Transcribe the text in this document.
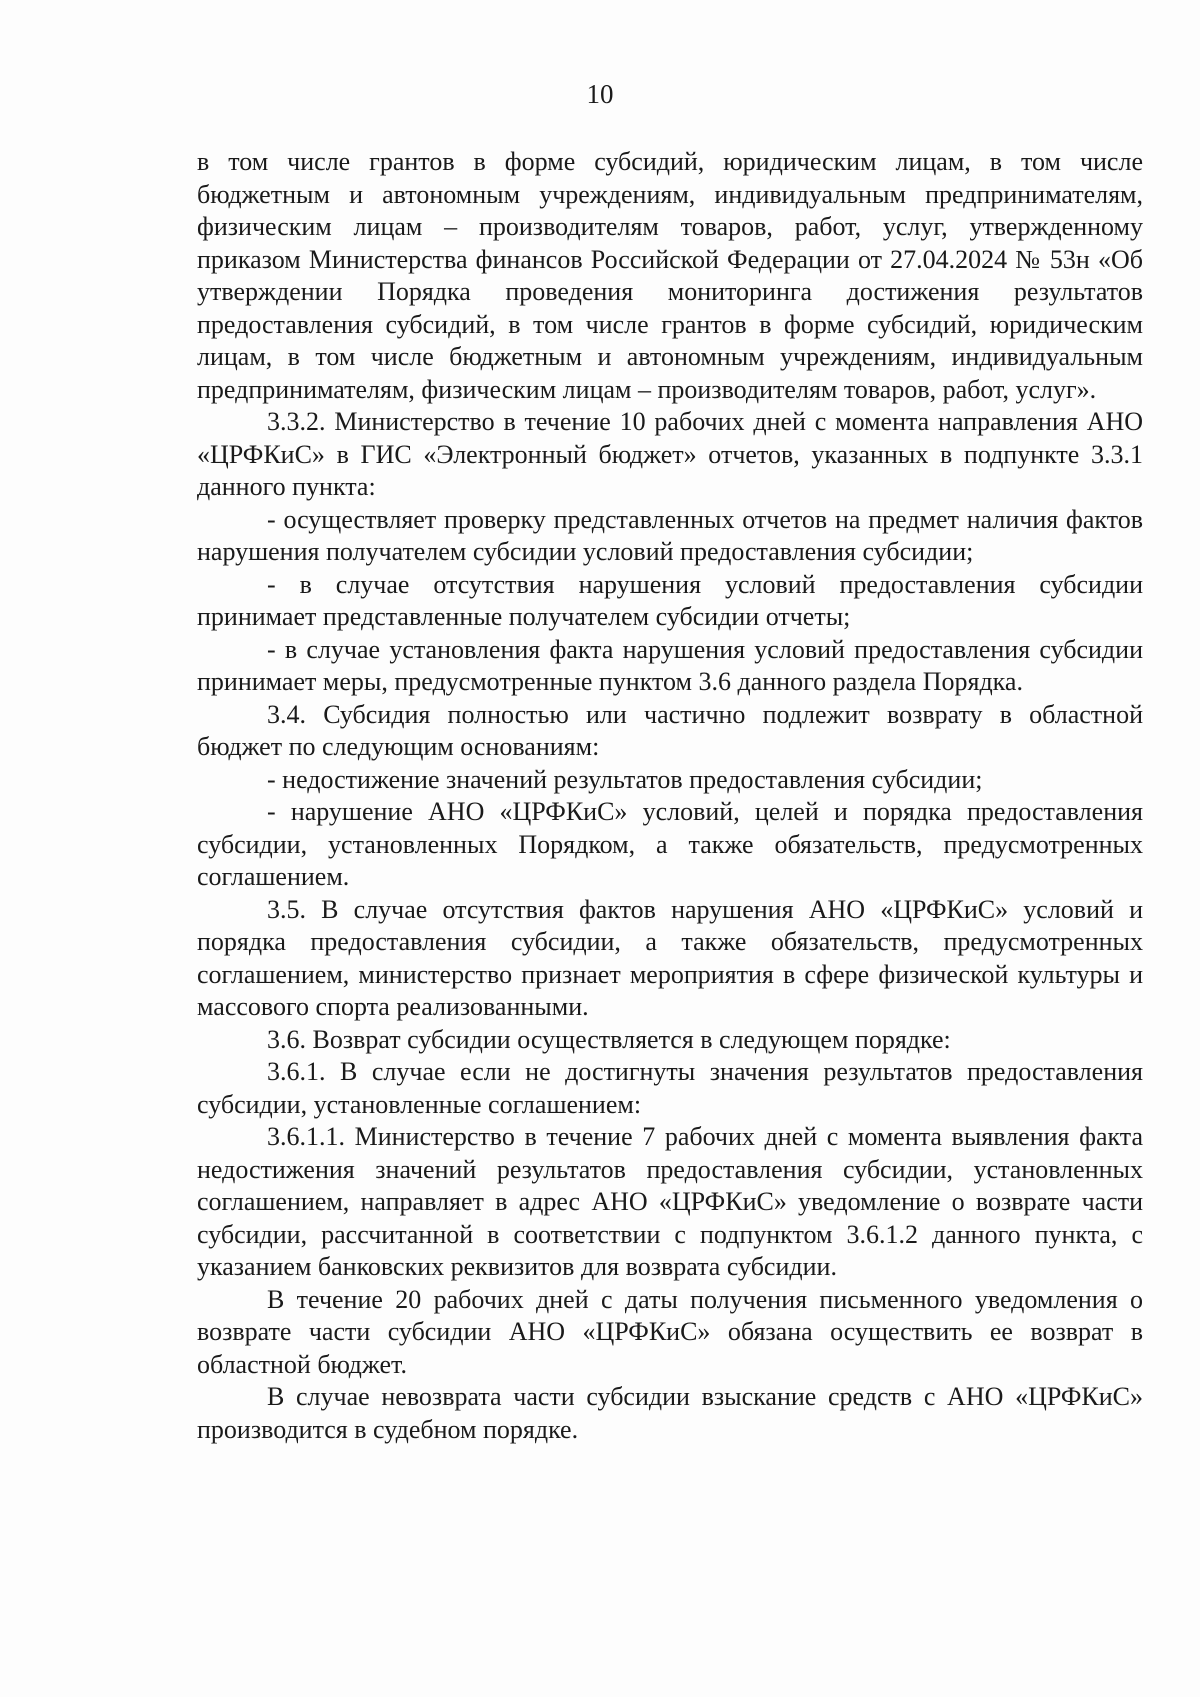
10

в том числе грантов в форме субсидий, юридическим лицам, в том числе бюджетным и автономным учреждениям, индивидуальным предпринимателям, физическим лицам – производителям товаров, работ, услуг, утвержденному приказом Министерства финансов Российской Федерации от 27.04.2024 № 53н «Об утверждении Порядка проведения мониторинга достижения результатов предоставления субсидий, в том числе грантов в форме субсидий, юридическим лицам, в том числе бюджетным и автономным учреждениям, индивидуальным предпринимателям, физическим лицам – производителям товаров, работ, услуг».

3.3.2. Министерство в течение 10 рабочих дней с момента направления АНО «ЦРФКиС» в ГИС «Электронный бюджет» отчетов, указанных в подпункте 3.3.1 данного пункта:

- осуществляет проверку представленных отчетов на предмет наличия фактов нарушения получателем субсидии условий предоставления субсидии;

- в случае отсутствия нарушения условий предоставления субсидии принимает представленные получателем субсидии отчеты;

- в случае установления факта нарушения условий предоставления субсидии принимает меры, предусмотренные пунктом 3.6 данного раздела Порядка.

3.4. Субсидия полностью или частично подлежит возврату в областной бюджет по следующим основаниям:

- недостижение значений результатов предоставления субсидии;

- нарушение АНО «ЦРФКиС» условий, целей и порядка предоставления субсидии, установленных Порядком, а также обязательств, предусмотренных соглашением.

3.5. В случае отсутствия фактов нарушения АНО «ЦРФКиС» условий и порядка предоставления субсидии, а также обязательств, предусмотренных соглашением, министерство признает мероприятия в сфере физической культуры и массового спорта реализованными.

3.6. Возврат субсидии осуществляется в следующем порядке:

3.6.1. В случае если не достигнуты значения результатов предоставления субсидии, установленные соглашением:

3.6.1.1. Министерство в течение 7 рабочих дней с момента выявления факта недостижения значений результатов предоставления субсидии, установленных соглашением, направляет в адрес АНО «ЦРФКиС» уведомление о возврате части субсидии, рассчитанной в соответствии с подпунктом 3.6.1.2 данного пункта, с указанием банковских реквизитов для возврата субсидии.

В течение 20 рабочих дней с даты получения письменного уведомления о возврате части субсидии АНО «ЦРФКиС» обязана осуществить ее возврат в областной бюджет.

В случае невозврата части субсидии взыскание средств с АНО «ЦРФКиС» производится в судебном порядке.
